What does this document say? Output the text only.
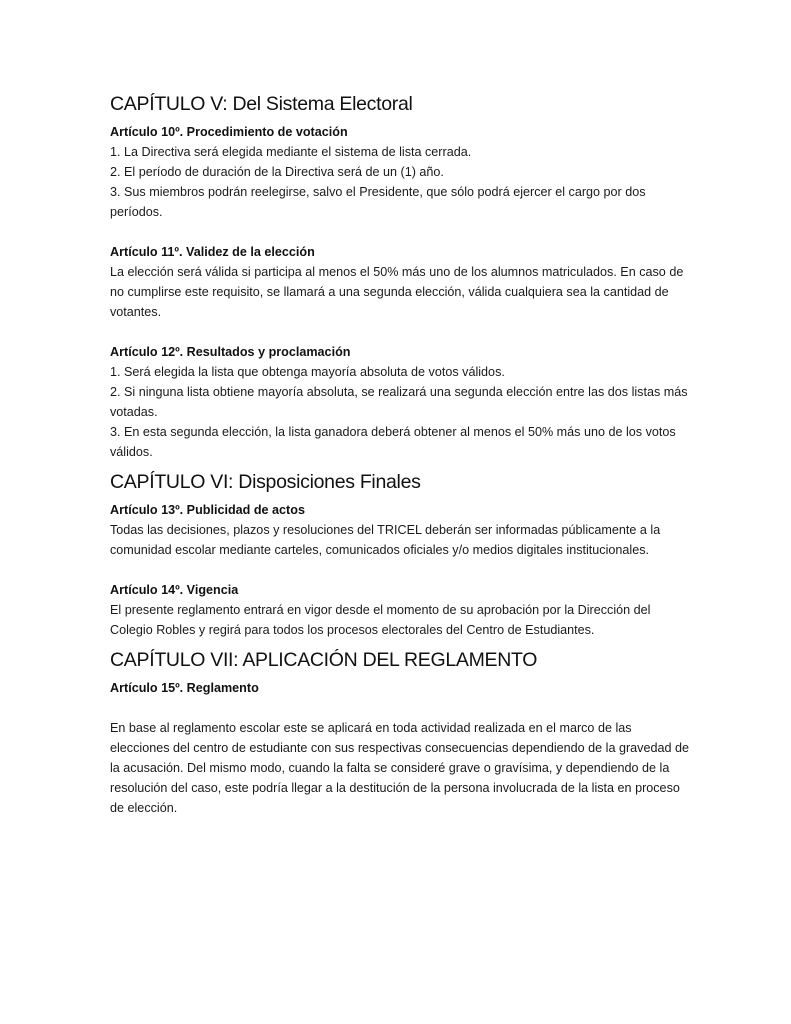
CAPÍTULO V: Del Sistema Electoral

Artículo 10º. Procedimiento de votación

1. La Directiva será elegida mediante el sistema de lista cerrada.

2. El período de duración de la Directiva será de un (1) año.

3. Sus miembros podrán reelegirse, salvo el Presidente, que sólo podrá ejercer el cargo por dos períodos.

Artículo 11º. Validez de la elección

La elección será válida si participa al menos el 50% más uno de los alumnos matriculados. En caso de no cumplirse este requisito, se llamará a una segunda elección, válida cualquiera sea la cantidad de votantes.

Artículo 12º. Resultados y proclamación

1. Será elegida la lista que obtenga mayoría absoluta de votos válidos.

2. Si ninguna lista obtiene mayoría absoluta, se realizará una segunda elección entre las dos listas más votadas.

3. En esta segunda elección, la lista ganadora deberá obtener al menos el 50% más uno de los votos válidos.

CAPÍTULO VI: Disposiciones Finales

Artículo 13º. Publicidad de actos

Todas las decisiones, plazos y resoluciones del TRICEL deberán ser informadas públicamente a la comunidad escolar mediante carteles, comunicados oficiales y/o medios digitales institucionales.

Artículo 14º. Vigencia

El presente reglamento entrará en vigor desde el momento de su aprobación por la Dirección del Colegio Robles y regirá para todos los procesos electorales del Centro de Estudiantes.

CAPÍTULO VII: APLICACIÓN DEL REGLAMENTO

Artículo 15º. Reglamento

En base al reglamento escolar este se aplicará en toda actividad realizada en el marco de las elecciones del centro de estudiante con sus respectivas consecuencias dependiendo de la gravedad de la acusación. Del mismo modo, cuando la falta se consideré grave o gravísima, y dependiendo de la resolución del caso, este podría llegar a la destitución de la persona involucrada de la lista en proceso de elección.
